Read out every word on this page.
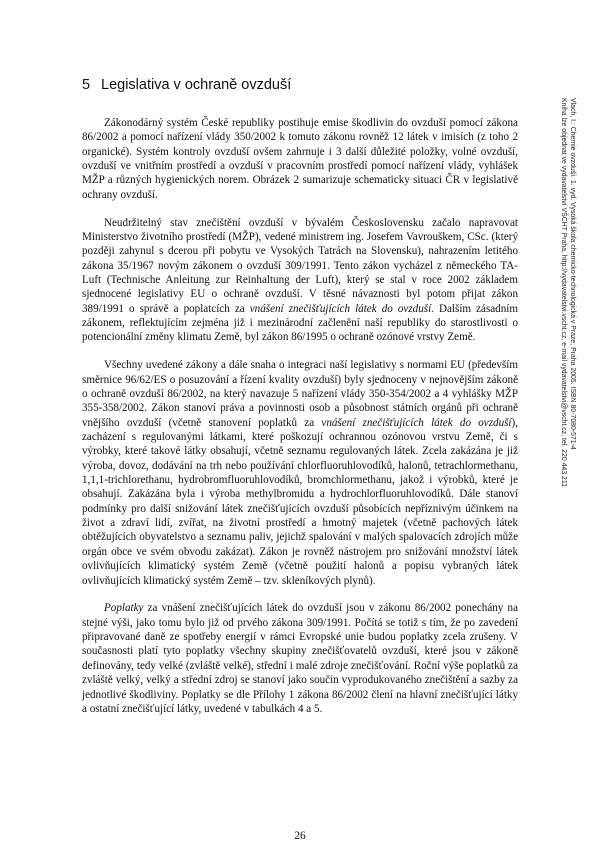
5 Legislativa v ochraně ovzduší

Zákonodárný systém České republiky postihuje emise škodlivin do ovzduší pomocí zákona 86/2002 a pomocí nařízení vlády 350/2002 k tomuto zákonu rovněž 12 látek v imisích (z toho 2 organické). Systém kontroly ovzduší ovšem zahrnuje i 3 další důležité položky, volné ovzduší, ovzduší ve vnitřním prostředí a ovzduší v pracovním prostředí pomocí nařízení vlády, vyhlášek MŽP a různých hygienických norem. Obrázek 2 sumarizuje schematicky situaci ČR v legislativě ochrany ovzduší.

Neudržitelný stav znečištění ovzduší v bývalém Československu začalo napravovat Ministerstvo životního prostředí (MŽP), vedené ministrem ing. Josefem Vavrouškem, CSc. (který později zahynul s dcerou při pobytu ve Vysokých Tatrách na Slovensku), nahrazením letitého zákona 35/1967 novým zákonem o ovzduší 309/1991. Tento zákon vycházel z německého TA-Luft (Technische Anleitung zur Reinhaltung der Luft), který se stal v roce 2002 základem sjednocené legislativy EU o ochraně ovzduší. V těsné návaznosti byl potom přijat zákon 389/1991 o správě a poplatcích za vnášení znečišťujících látek do ovzduší. Dalším zásadním zákonem, reflektujícím zejména již i mezinárodní začlenění naší republiky do starostlivosti o potencionální změny klimatu Země, byl zákon 86/1995 o ochraně ozónové vrstvy Země.

Všechny uvedené zákony a dále snaha o integraci naší legislativy s normami EU (především směrnice 96/62/ES o posuzování a řízení kvality ovzduší) byly sjednoceny v nejnovějším zákoně o ochraně ovzduší 86/2002, na který navazuje 5 nařízení vlády 350-354/2002 a 4 vyhlášky MŽP 355-358/2002. Zákon stanoví práva a povinnosti osob a působnost státních orgánů při ochraně vnějšího ovzduší (včetně stanovení poplatků za vnášení znečišťujících látek do ovzduší), zacházení s regulovanými látkami, které poškozují ochrannou ozónovou vrstvu Země, či s výrobky, které takové látky obsahují, včetně seznamu regulovaných látek. Zcela zakázána je již výroba, dovoz, dodávání na trh nebo používání chlorfluoruhlovodíků, halonů, tetrachlormethanu, 1,1,1-trichlorethanu, hydrobromfluoruhlovodíků, bromchlormethanu, jakož i výrobků, které je obsahují. Zakázána byla i výroba methylbromidu a hydrochlorfluoruhlovodíků. Dále stanoví podmínky pro další snižování látek znečišťujících ovzduší působících nepříznivým účinkem na život a zdraví lidí, zvířat, na životní prostředí a hmotný majetek (včetně pachových látek obtěžujících obyvatelstvo a seznamu paliv, jejichž spalování v malých spalovacích zdrojích může orgán obce ve svém obvodu zakázat). Zákon je rovněž nástrojem pro snižování množství látek ovlivňujících klimatický systém Země (včetně použití halonů a popisu vybraných látek ovlivňujících klimatický systém Země – tzv. skleníkových plynů).

Poplatky za vnášení znečišťujících látek do ovzduší jsou v zákonu 86/2002 ponechány na stejné výši, jako tomu bylo již od prvého zákona 309/1991. Počítá se totiž s tím, že po zavedení připravované daně ze spotřeby energií v rámci Evropské unie budou poplatky zcela zrušeny. V současnosti platí tyto poplatky všechny skupiny znečišťovatelů ovzduší, které jsou v zákoně definovány, tedy velké (zvláště velké), střední i malé zdroje znečišťování. Roční výše poplatků za zvláště velký, velký a střední zdroj se stanoví jako součin vyprodukovaného znečištění a sazby za jednotlivé škodliviny. Poplatky se dle Přílohy 1 zákona 86/2002 člení na hlavní znečišťující látky a ostatní znečišťující látky, uvedené v tabulkách 4 a 5.

Vlach, I.: Chemie ovzduší. 1. vyd. Vysoká škola chemicko-technologická v Praze, Praha 2005. ISBN 80-7080-571-4
Kniha lze objednat ve vydavatelství VŠCHT Praha, http://vydavatelstvi.vscht.cz, e-mail vydavatelstvi@vscht.cz, tel. 220 443 211
26
